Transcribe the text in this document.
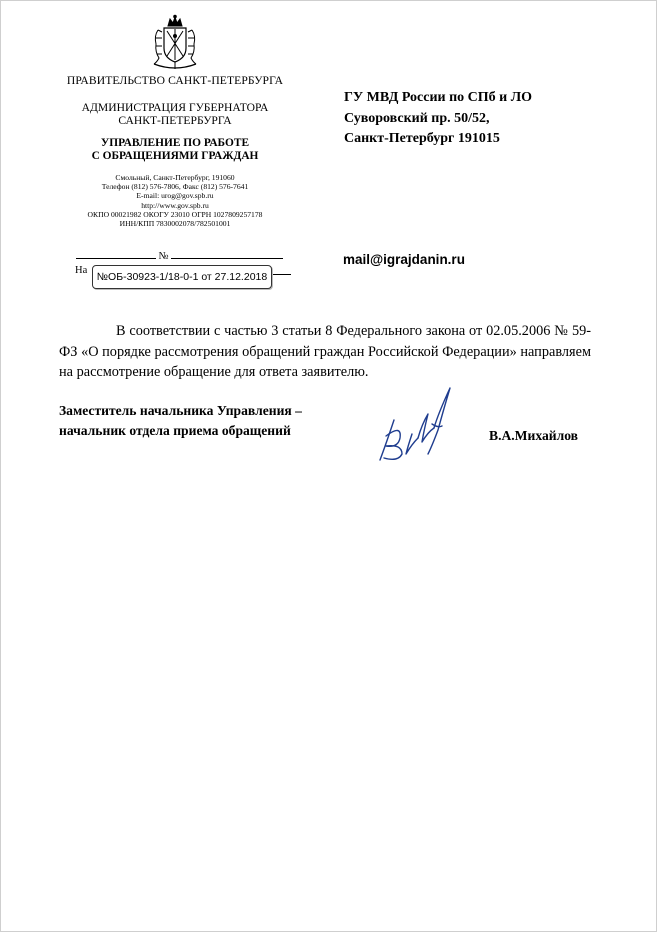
ПРАВИТЕЛЬСТВО САНКТ-ПЕТЕРБУРГА
АДМИНИСТРАЦИЯ ГУБЕРНАТОРА
САНКТ-ПЕТЕРБУРГА
УПРАВЛЕНИЕ ПО РАБОТЕ
С ОБРАЩЕНИЯМИ ГРАЖДАН
Смольный, Санкт-Петербург, 191060
Телефон (812) 576-7806, Факс (812) 576-7641
E-mail: urog@gov.spb.ru
http://www.gov.spb.ru
ОКПО 00021982 ОКОГУ 23010 ОГРН 1027809257178
ИНН/КПП 7830002078/782501001
№
На
№ОБ-30923-1/18-0-1 от 27.12.2018
ГУ МВД России по СПб и ЛО
Суворовский пр. 50/52,
Санкт-Петербург 191015
mail@igrajdanin.ru
В соответствии с частью 3 статьи 8 Федерального закона от 02.05.2006 № 59-ФЗ «О порядке рассмотрения обращений граждан Российской Федерации» направляем на рассмотрение обращение для ответа заявителю.
Заместитель начальника Управления –
начальник отдела приема обращений	В.А.Михайлов
